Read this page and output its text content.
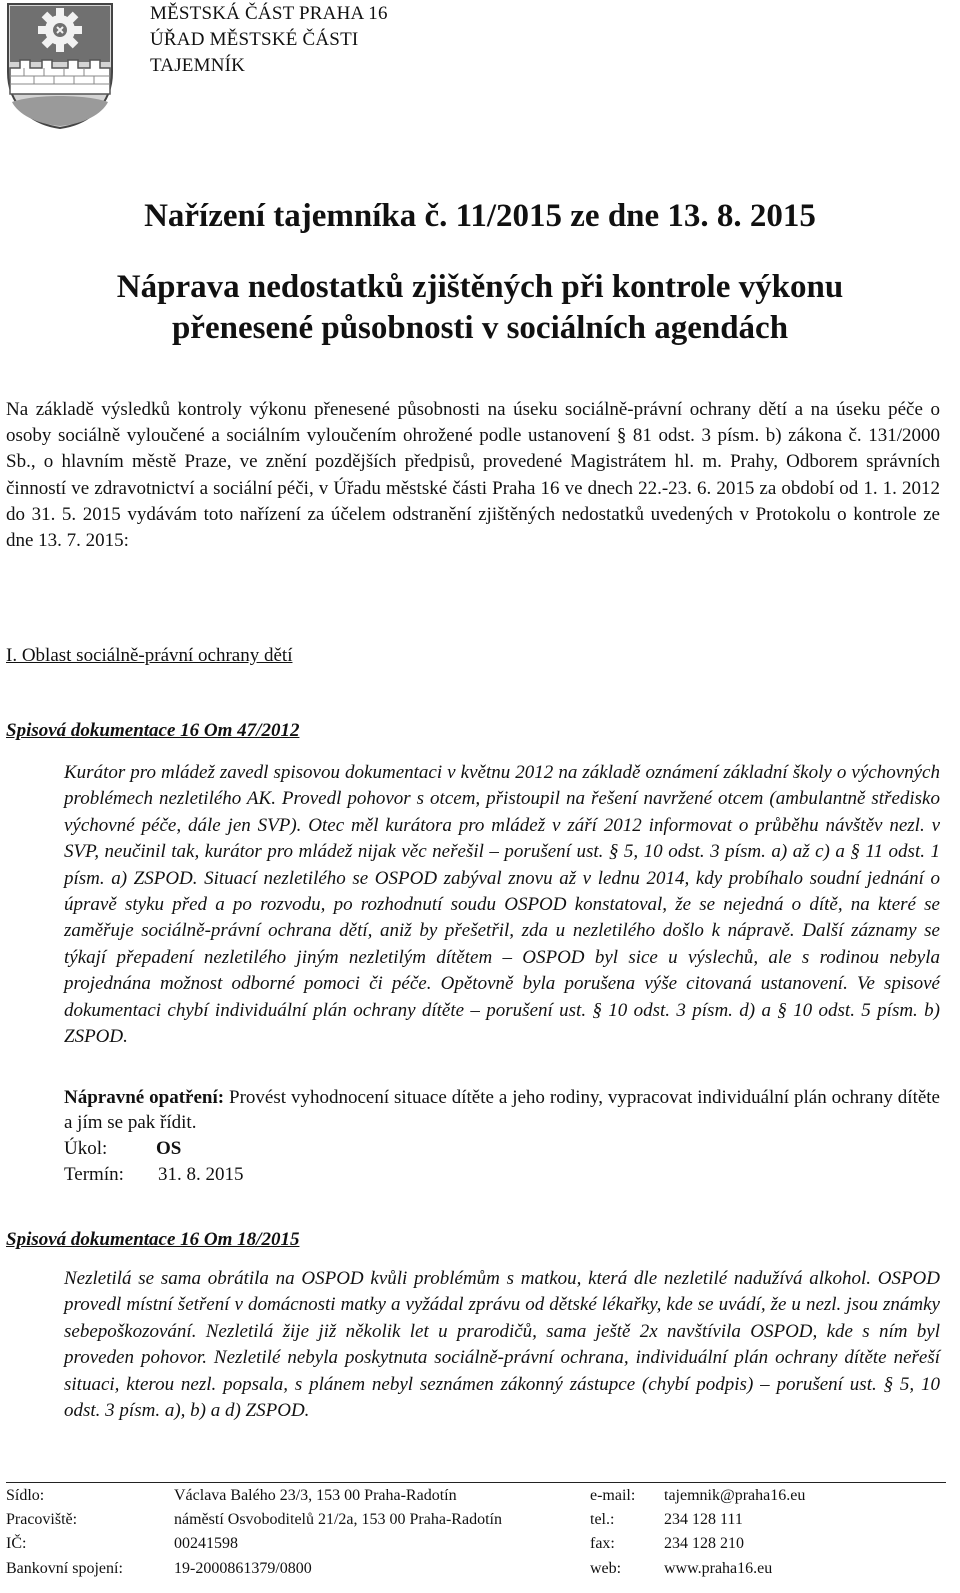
MĚSTSKÁ ČÁST PRAHA 16
ÚŘAD MĚSTSKÉ ČÁSTI
TAJEMNÍK
Nařízení tajemníka č. 11/2015 ze dne 13. 8. 2015
Náprava nedostatků zjištěných při kontrole výkonu
přenesené působnosti v sociálních agendách
Na základě výsledků kontroly výkonu přenesené působnosti na úseku sociálně-právní ochrany dětí a na úseku péče o osoby sociálně vyloučené a sociálním vyloučením ohrožené podle ustanovení § 81 odst. 3 písm. b) zákona č. 131/2000 Sb., o hlavním městě Praze, ve znění pozdějších předpisů, provedené Magistrátem hl. m. Prahy, Odborem správních činností ve zdravotnictví a sociální péči, v Úřadu městské části Praha 16 ve dnech 22.-23. 6. 2015 za období od 1. 1. 2012 do 31. 5. 2015 vydávám toto nařízení za účelem odstranění zjištěných nedostatků uvedených v Protokolu o kontrole ze dne 13. 7. 2015:
I. Oblast sociálně-právní ochrany dětí
Spisová dokumentace 16 Om 47/2012
Kurátor pro mládež zavedl spisovou dokumentaci v květnu 2012 na základě oznámení základní školy o výchovných problémech nezletilého AK. Provedl pohovor s otcem, přistoupil na řešení navržené otcem (ambulantně středisko výchovné péče, dále jen SVP). Otec měl kurátora pro mládež v září 2012 informovat o průběhu návštěv nezl. v SVP, neučinil tak, kurátor pro mládež nijak věc neřešil – porušení ust. § 5, 10 odst. 3 písm. a) až c) a § 11 odst. 1 písm. a) ZSPOD. Situací nezletilého se OSPOD zabýval znovu až v lednu 2014, kdy probíhalo soudní jednání o úpravě styku před a po rozvodu, po rozhodnutí soudu OSPOD konstatoval, že se nejedná o dítě, na které se zaměřuje sociálně-právní ochrana dětí, aniž by přešetřil, zda u nezletilého došlo k nápravě. Další záznamy se týkají přepadení nezletilého jiným nezletilým dítětem – OSPOD byl sice u výslechů, ale s rodinou nebyla projednána možnost odborné pomoci či péče. Opětovně byla porušena výše citovaná ustanovení. Ve spisové dokumentaci chybí individuální plán ochrany dítěte – porušení ust. § 10 odst. 3 písm. d) a § 10 odst. 5 písm. b) ZSPOD.
Nápravné opatření: Provést vyhodnocení situace dítěte a jeho rodiny, vypracovat individuální plán ochrany dítěte a jím se pak řídit.
Úkol:	OS
Termín: 31. 8. 2015
Spisová dokumentace 16 Om 18/2015
Nezletilá se sama obrátila na OSPOD kvůli problémům s matkou, která dle nezletilé nadužívá alkohol. OSPOD provedl místní šetření v domácnosti matky a vyžádal zprávu od dětské lékařky, kde se uvádí, že u nezl. jsou známky sebepoškozování. Nezletilá žije již několik let u prarodičů, sama ještě 2x navštívila OSPOD, kde s ním byl proveden pohovor. Nezletilé nebyla poskytnuta sociálně-právní ochrana, individuální plán ochrany dítěte neřeší situaci, kterou nezl. popsala, s plánem nebyl seznámen zákonný zástupce (chybí podpis) – porušení ust. § 5, 10 odst. 3 písm. a), b) a d) ZSPOD.
Sídlo:
Pracoviště:
IČ:
Bankovní spojení:
Václava Balého 23/3, 153 00 Praha-Radotín
náměstí Osvoboditelů 21/2a, 153 00 Praha-Radotín
00241598
19-2000861379/0800
e-mail:
tel.:
fax:
web:
tajemnik@praha16.eu
234 128 111
234 128 210
www.praha16.eu
